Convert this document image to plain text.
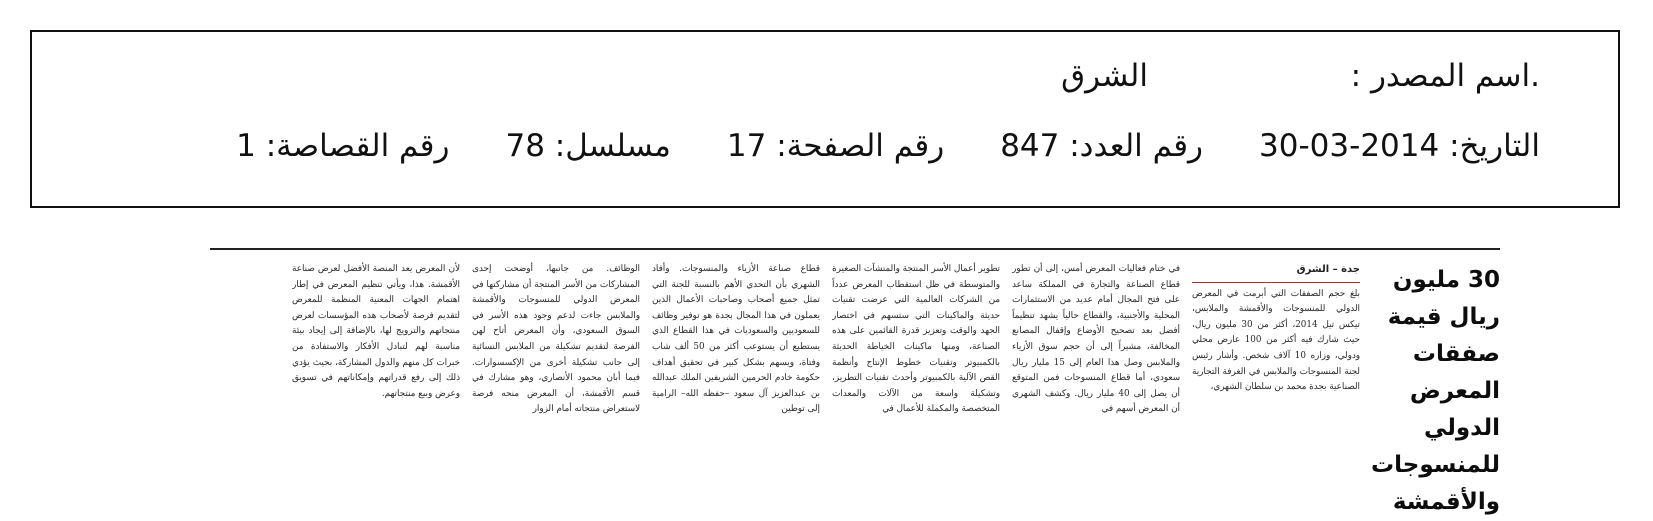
.اسم المصدر :
الشرق
التاريخ: 2014-03-30
رقم العدد: 847
رقم الصفحة: 17
مسلسل: 78
رقم القصاصة: 1
30 مليون ريال قيمة صفقات المعرض الدولي للمنسوجات والأقمشة
جدة – الشرق

بلغ حجم الصفقات التي أبرمت في المعرض الدولي للمنسوجات والأقمشة والملابس، تيكس تيل 2014، أكثر من 30 مليون ريال، حيث شارك فيه أكثر من 100 عارض محلي ودولي، وزاره 10 آلاف شخص. وأشار رئيس لجنة المنسوجات والملابس في الغرفة التجارية الصناعية بجدة محمد بن سلطان الشهري،

في ختام فعاليات المعرض أمس، إلى أن تطور قطاع الصناعة والتجارة في المملكة ساعد على فتح المجال أمام عديد من الاستثمارات المحلية والأجنبية، والقطاع حالياً يشهد تنظيماً أفضل بعد تصحيح الأوضاع وإقفال المصانع المخالفة، مشيراً إلى أن حجم سوق الأزياء والملابس وصل هذا العام إلى 15 مليار ريال سعودي، أما قطاع المنسوجات فمن المتوقع أن يصل إلى 40 مليار ريال. وكشف الشهري أن المعرض أسهم في

تطوير أعمال الأسر المنتجة والمنشآت الصغيرة والمتوسطة في ظل استقطاب المعرض عدداً من الشركات العالمية التي عرضت تقنيات حديثة والماكينات التي ستسهم في اختصار الجهد والوقت وتعزيز قدرة القائمين على هذه الصناعة، ومنها ماكينات الخياطة الحديثة بالكمبيوتر وتقنيات خطوط الإنتاج وأنظمة القص الآلية بالكمبيوتر وأحدث تقنيات التطريز، وتشكيلة واسعة من الآلات والمعدات المتخصصة والمكملة للأعمال في

قطاع صناعة الأزياء والمنسوجات. وأفاد الشهري بأن التحدي الأهم بالنسبة للجنة التي تمثل جميع أصحاب وصاحبات الأعمال الذين يعملون في هذا المجال بجدة هو توفير وظائف للسعوديين والسعوديات في هذا القطاع الذي يستطيع أن يستوعب أكثر من 50 ألف شاب وفتاة، ويسهم بشكل كبير في تحقيق أهداف حكومة خادم الحرمين الشريفين الملك عبدالله بن عبدالعزيز آل سعود –حفظه الله– الرامية إلى توطين

الوظائف. من جانبها، أوضحت إحدى المشاركات من الأسر المنتجة أن مشاركتها في المعرض الدولي للمنسوجات والأقمشة والملابس جاءت لدعم وجود هذه الأسر في السوق السعودي، وأن المعرض أتاح لهن الفرصة لتقديم تشكيلة من الملابس النسائية إلى جانب تشكيلة أخرى من الإكسسوارات. فيما أبان محمود الأنصاري، وهو مشارك في قسم الأقمشة، أن المعرض منحه فرصة لاستعراض منتجاته أمام الزوار

لأن المعرض يعد المنصة الأفضل لعرض صناعة الأقمشة. هذا، ويأتي تنظيم المعرض في إطار اهتمام الجهات المعنية المنظمة للمعرض لتقديم فرصة لأصحاب هذه المؤسسات لعرض منتجاتهم والترويج لها، بالإضافة إلى إيجاد بيئة مناسبة لهم لتبادل الأفكار والاستفادة من خبرات كل منهم والدول المشاركة، بحيث يؤدي ذلك إلى رفع قدراتهم وإمكاناتهم في تسويق وعرض وبيع منتجاتهم.
